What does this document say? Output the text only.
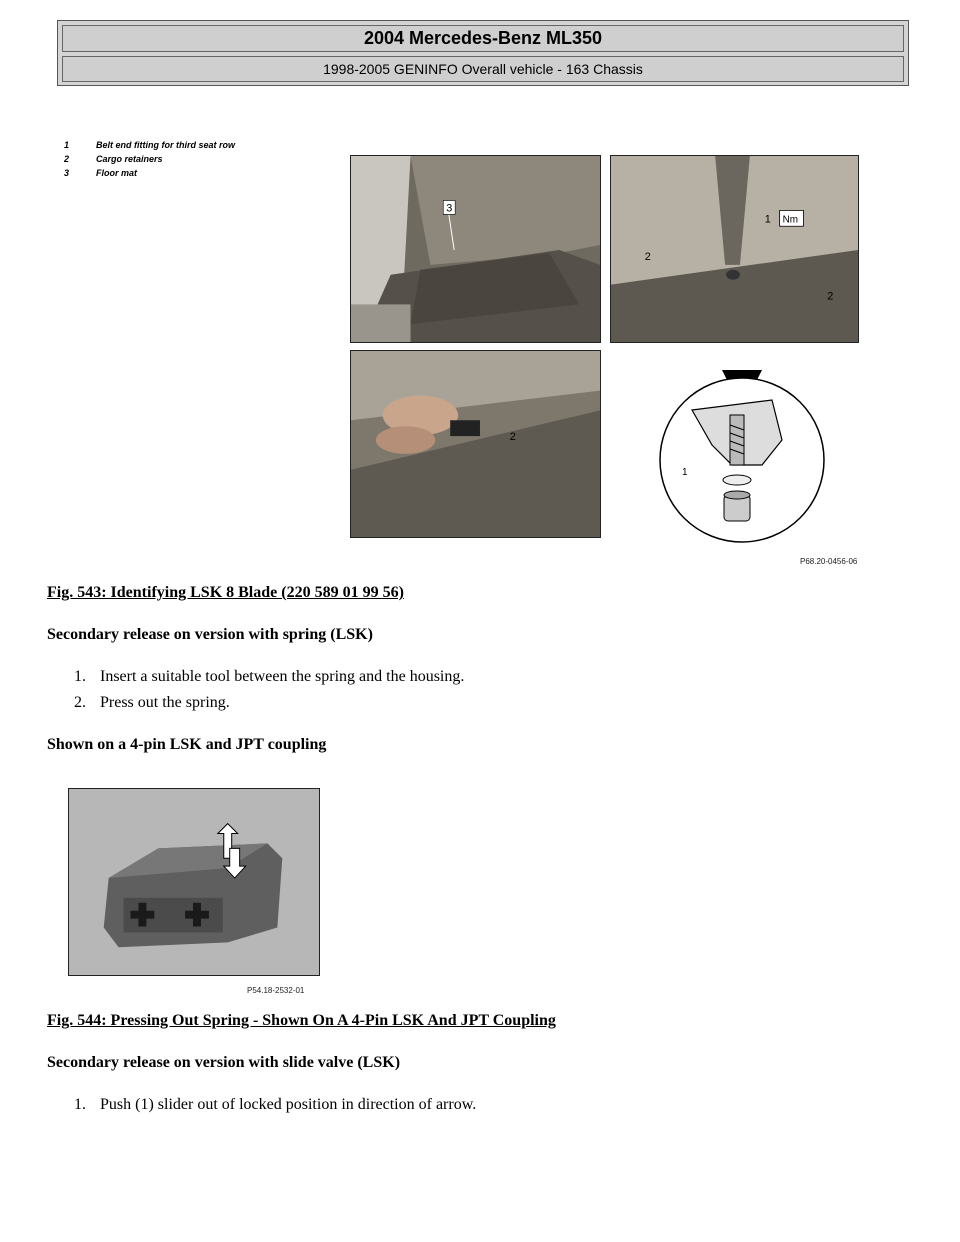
2004 Mercedes-Benz ML350
1998-2005 GENINFO Overall vehicle - 163 Chassis
1	Belt end fitting for third seat row
2	Cargo retainers
3	Floor mat
3
Nm
1
2
2
2
1
P68.20-0456-06
Fig. 543: Identifying LSK 8 Blade (220 589 01 99 56)
Secondary release on version with spring (LSK)
1. Insert a suitable tool between the spring and the housing.
2. Press out the spring.
Shown on a 4-pin LSK and JPT coupling
P54.18-2532-01
Fig. 544: Pressing Out Spring - Shown On A 4-Pin LSK And JPT Coupling
Secondary release on version with slide valve (LSK)
1. Push (1) slider out of locked position in direction of arrow.
